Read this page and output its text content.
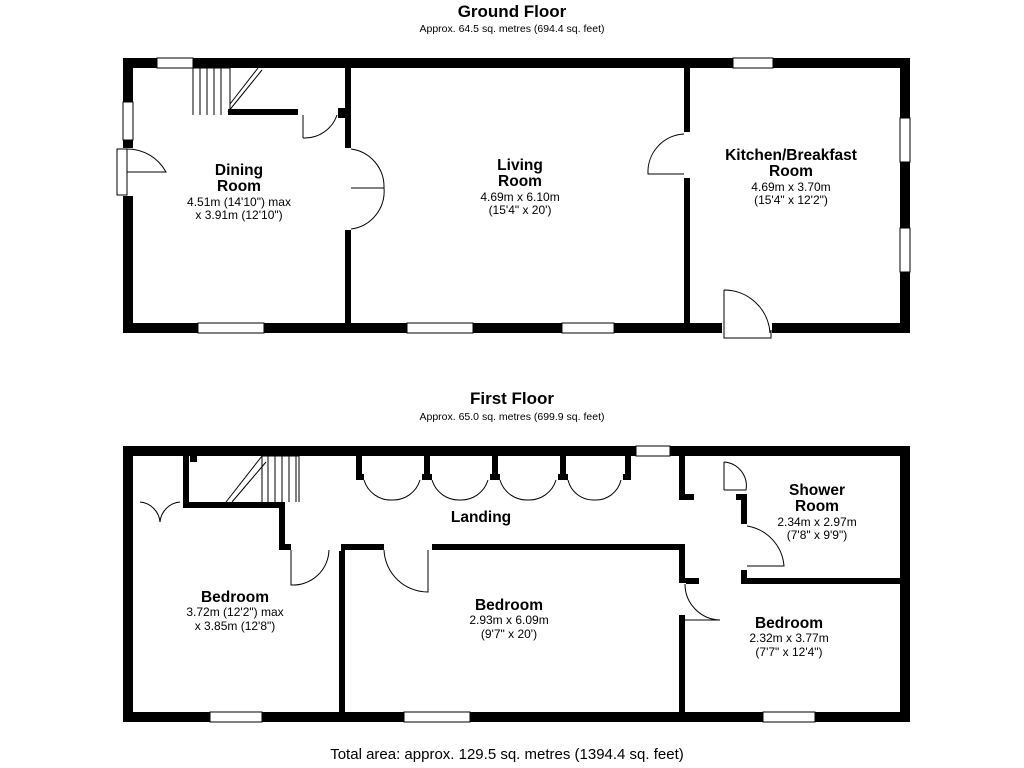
Ground Floor
Approx. 64.5 sq. metres (694.4 sq. feet)
First Floor
Approx. 65.0 sq. metres (699.9 sq. feet)
Dining
Room
4.51m (14'10") max
x 3.91m (12'10")
Living
Room
4.69m x 6.10m
(15'4" x 20')
Kitchen/Breakfast
Room
4.69m x 3.70m
(15'4" x 12'2")
Landing
Shower
Room
2.34m x 2.97m
(7'8" x 9'9")
Bedroom
3.72m (12'2") max
x 3.85m (12'8")
Bedroom
2.93m x 6.09m
(9'7" x 20')
Bedroom
2.32m x 3.77m
(7'7" x 12'4")
Total area: approx. 129.5 sq. metres (1394.4 sq. feet)
